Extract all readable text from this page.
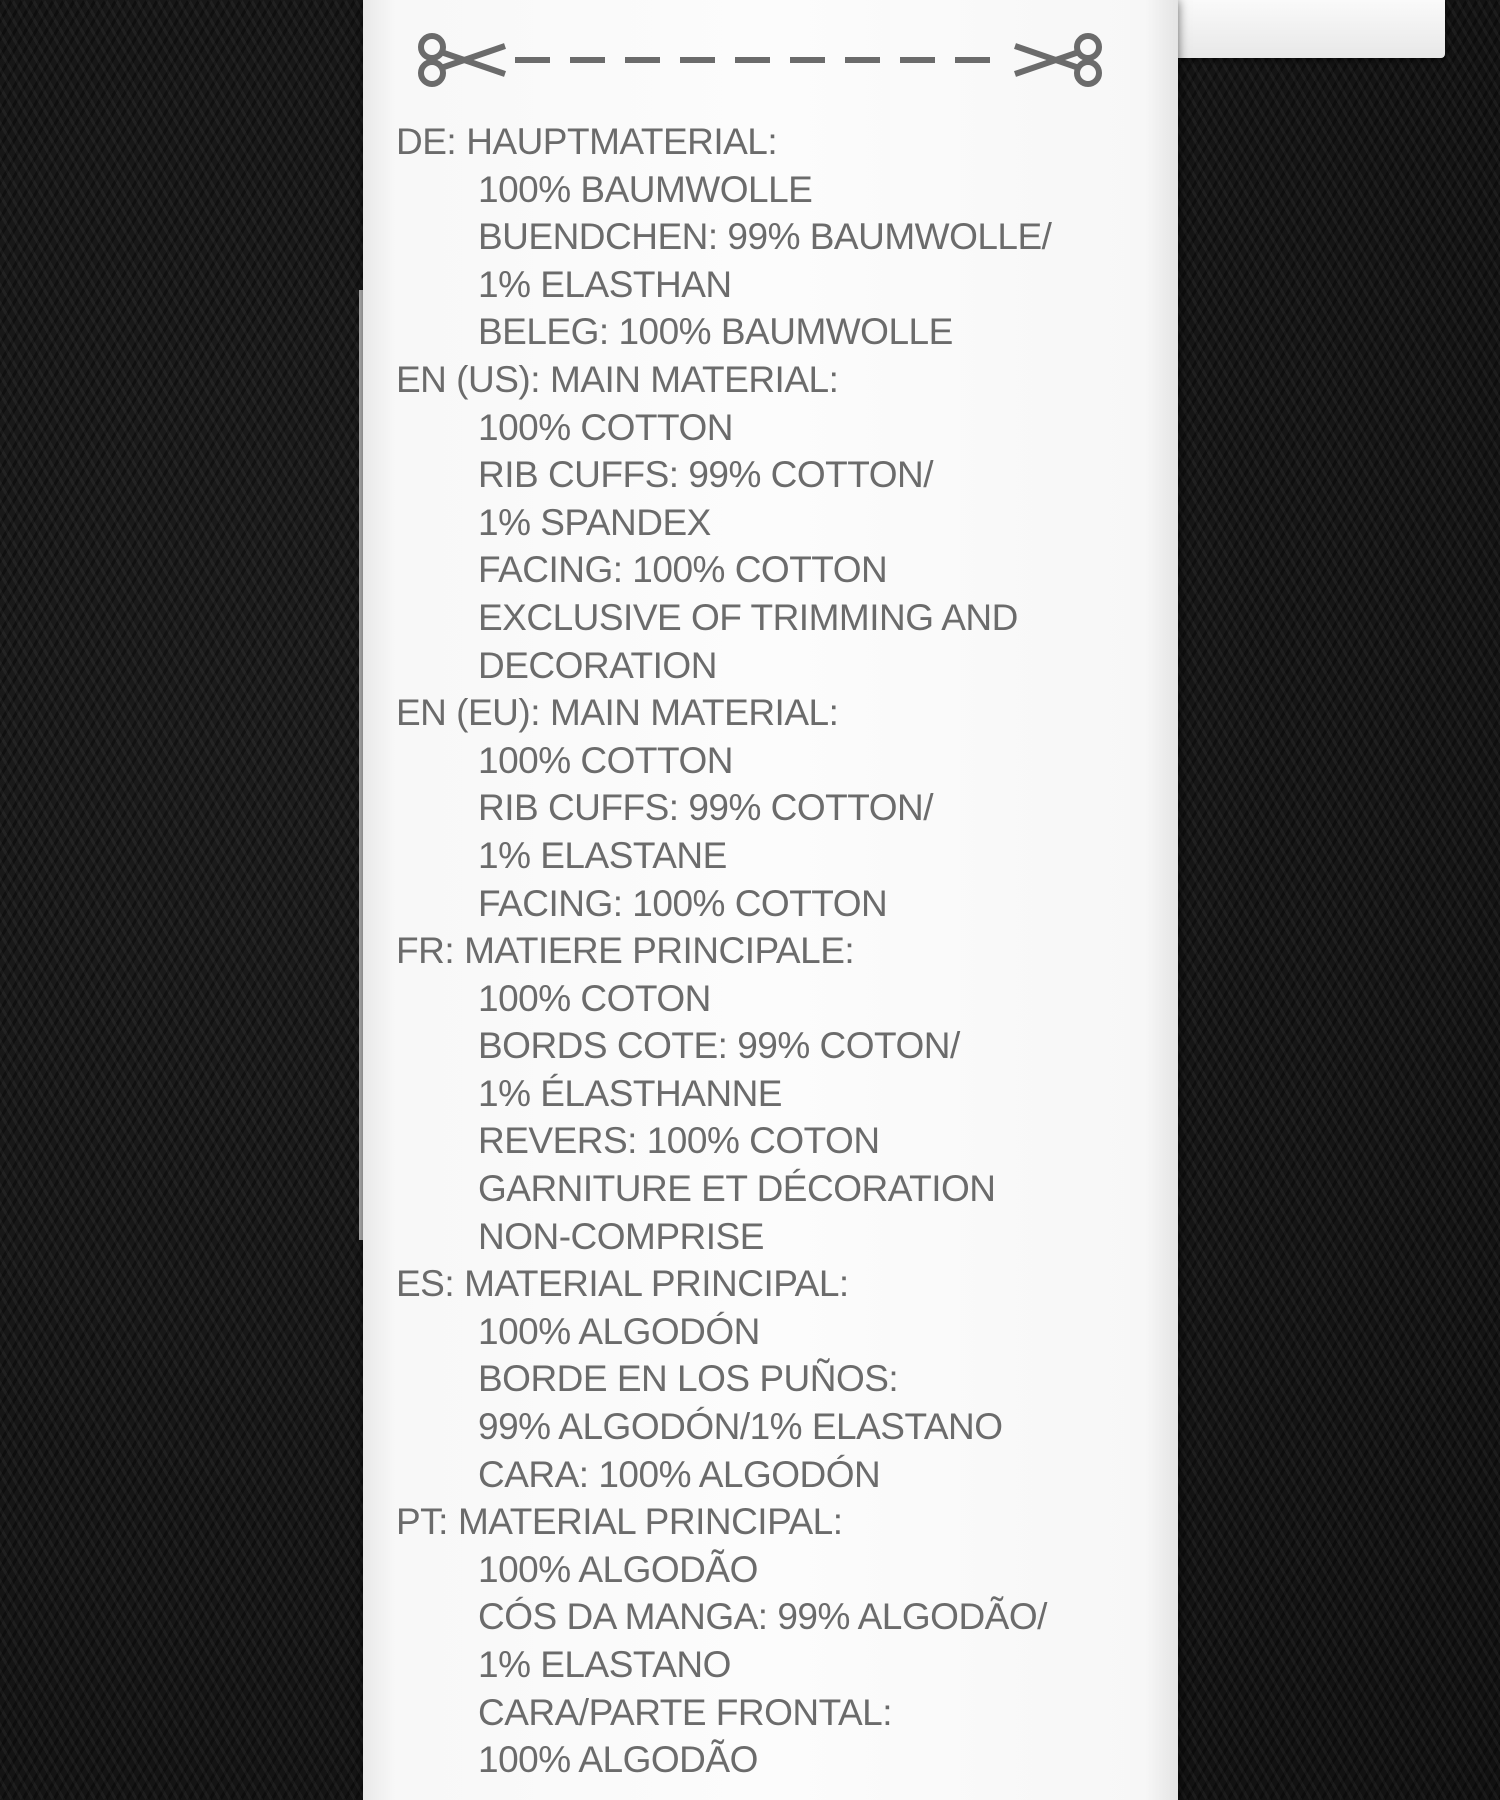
DE: HAUPTMATERIAL:
100% BAUMWOLLE
BUENDCHEN: 99% BAUMWOLLE/
1% ELASTHAN
BELEG: 100% BAUMWOLLE
EN (US): MAIN MATERIAL:
100% COTTON
RIB CUFFS: 99% COTTON/
1% SPANDEX
FACING: 100% COTTON
EXCLUSIVE OF TRIMMING AND
DECORATION
EN (EU): MAIN MATERIAL:
100% COTTON
RIB CUFFS: 99% COTTON/
1% ELASTANE
FACING: 100% COTTON
FR: MATIERE PRINCIPALE:
100% COTON
BORDS COTE: 99% COTON/
1% ÉLASTHANNE
REVERS: 100% COTON
GARNITURE ET DÉCORATION
NON-COMPRISE
ES: MATERIAL PRINCIPAL:
100% ALGODÓN
BORDE EN LOS PUÑOS:
99% ALGODÓN/1% ELASTANO
CARA: 100% ALGODÓN
PT: MATERIAL PRINCIPAL:
100% ALGODÃO
CÓS DA MANGA: 99% ALGODÃO/
1% ELASTANO
CARA/PARTE FRONTAL:
100% ALGODÃO
